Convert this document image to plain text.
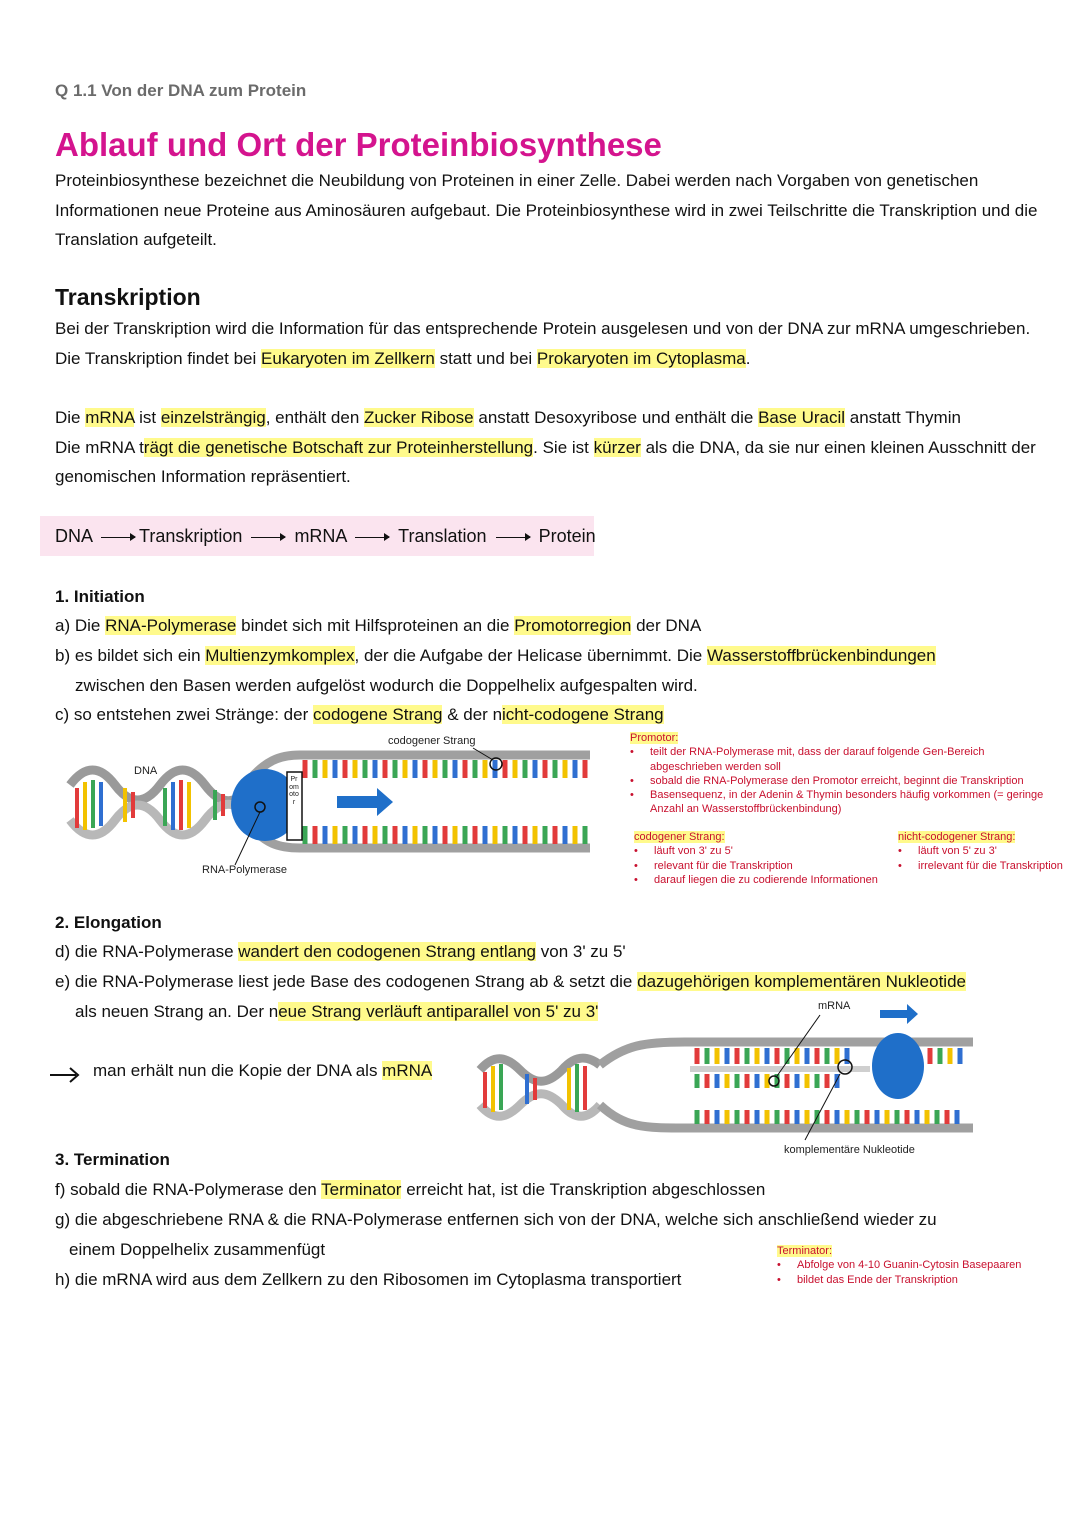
Q 1.1 Von der DNA zum Protein
Ablauf und Ort der Proteinbiosynthese
Proteinbiosynthese bezeichnet die Neubildung von Proteinen in einer Zelle. Dabei werden nach Vorgaben von genetischen Informationen neue Proteine aus Aminosäuren aufgebaut. Die Proteinbiosynthese wird in zwei Teilschritte die Transkription und die Translation aufgeteilt.
Transkription
Bei der Transkription wird die Information für das entsprechende Protein ausgelesen und von der DNA zur mRNA umgeschrieben. Die Transkription findet bei Eukaryoten im Zellkern statt und bei Prokaryoten im Cytoplasma.
Die mRNA ist einzelsträngig, enthält den Zucker Ribose anstatt Desoxyribose und enthält die Base Uracil anstatt Thymin
Die mRNA trägt die genetische Botschaft zur Proteinherstellung. Sie ist kürzer als die DNA, da sie nur einen kleinen Ausschnitt der genomischen Information repräsentiert.
DNA	Transkription	mRNA	Translation	Protein
1. Initiation
a) Die RNA-Polymerase bindet sich mit Hilfsproteinen an die Promotorregion der DNA
b) es bildet sich ein Multienzymkomplex, der die Aufgabe der Helicase übernimmt. Die Wasserstoffbrückenbindungen
zwischen den Basen werden aufgelöst wodurch die Doppelhelix aufgespalten wird.
c) so entstehen zwei Stränge: der codogene Strang & der nicht-codogene Strang
DNA
codogener Strang
RNA-Polymerase
Promotor
Promotor:
• teilt der RNA-Polymerase mit, dass der darauf folgende Gen-Bereich abgeschrieben werden soll
• sobald die RNA-Polymerase den Promotor erreicht, beginnt die Transkription
• Basensequenz, in der Adenin & Thymin besonders häufig vorkommen (= geringe Anzahl an Wasserstoffbrückenbindung)
codogener Strang:
• läuft von 3' zu 5'
• relevant für die Transkription
• darauf liegen die zu codierende Informationen
nicht-codogener Strang:
• läuft von 5' zu 3'
• irrelevant für die Transkription
2. Elongation
d) die RNA-Polymerase wandert den codogenen Strang entlang von 3' zu 5'
e) die RNA-Polymerase liest jede Base des codogenen Strang ab & setzt die dazugehörigen komplementären Nukleotide
als neuen Strang an. Der neue Strang verläuft antiparallel von 5' zu 3'
man erhält nun die Kopie der DNA als mRNA
mRNA
komplementäre Nukleotide
3. Termination
f) sobald die RNA-Polymerase den Terminator erreicht hat, ist die Transkription abgeschlossen
g) die abgeschriebene RNA & die RNA-Polymerase entfernen sich von der DNA, welche sich anschließend wieder zu
einem Doppelhelix zusammenfügt
h) die mRNA wird aus dem Zellkern zu den Ribosomen im Cytoplasma transportiert
Terminator:
• Abfolge von 4-10 Guanin-Cytosin Basepaaren
• bildet das Ende der Transkription
